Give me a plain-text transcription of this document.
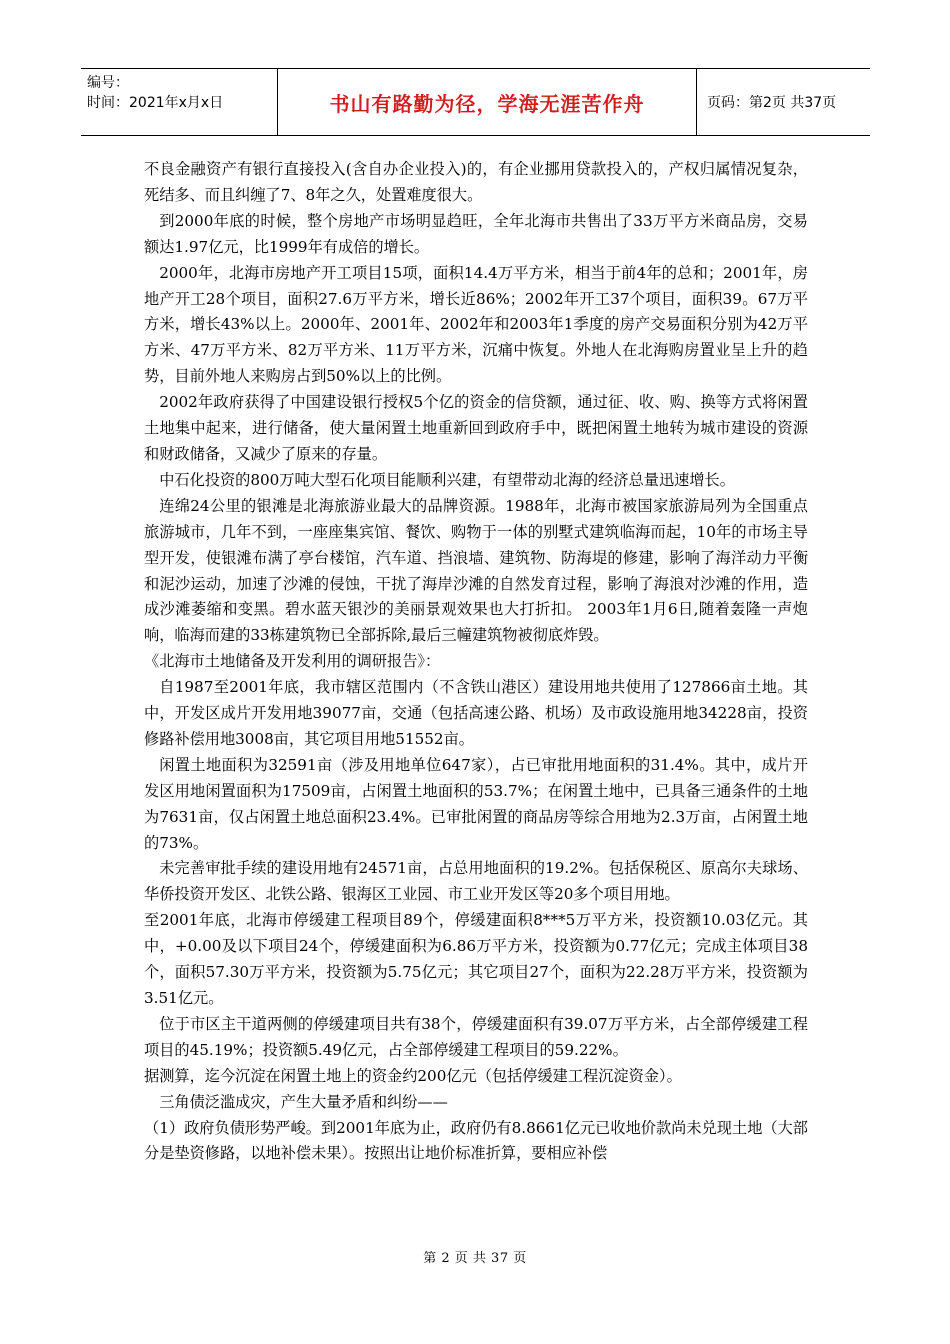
编号：
时间：2021年x月x日	书山有路勤为径，学海无涯苦作舟	页码：第2页 共37页

不良金融资产有银行直接投入(含自办企业投入)的，有企业挪用贷款投入的，产权归属情况复杂，死结多、而且纠缠了7、8年之久，处置难度很大。

到2000年底的时候，整个房地产市场明显趋旺，全年北海市共售出了33万平方米商品房，交易额达1.97亿元，比1999年有成倍的增长。

2000年，北海市房地产开工项目15项，面积14.4万平方米，相当于前4年的总和；2001年，房地产开工28个项目，面积27.6万平方米，增长近86%；2002年开工37个项目，面积39。67万平方米，增长43%以上。2000年、2001年、2002年和2003年1季度的房产交易面积分别为42万平方米、47万平方米、82万平方米、11万平方米，沉痛中恢复。外地人在北海购房置业呈上升的趋势，目前外地人来购房占到50%以上的比例。

2002年政府获得了中国建设银行授权5个亿的资金的信贷额，通过征、收、购、换等方式将闲置土地集中起来，进行储备，使大量闲置土地重新回到政府手中，既把闲置土地转为城市建设的资源和财政储备，又减少了原来的存量。

中石化投资的800万吨大型石化项目能顺利兴建，有望带动北海的经济总量迅速增长。

连绵24公里的银滩是北海旅游业最大的品牌资源。1988年，北海市被国家旅游局列为全国重点旅游城市，几年不到，一座座集宾馆、餐饮、购物于一体的别墅式建筑临海而起，10年的市场主导型开发，使银滩布满了亭台楼馆，汽车道、挡浪墙、建筑物、防海堤的修建，影响了海洋动力平衡和泥沙运动，加速了沙滩的侵蚀，干扰了海岸沙滩的自然发育过程，影响了海浪对沙滩的作用，造成沙滩萎缩和变黑。碧水蓝天银沙的美丽景观效果也大打折扣。 2003年1月6日,随着轰隆一声炮响，临海而建的33栋建筑物已全部拆除,最后三幢建筑物被彻底炸毁。

《北海市土地储备及开发利用的调研报告》：

自1987至2001年底，我市辖区范围内（不含铁山港区）建设用地共使用了127866亩土地。其中，开发区成片开发用地39077亩，交通（包括高速公路、机场）及市政设施用地34228亩，投资修路补偿用地3008亩，其它项目用地51552亩。

闲置土地面积为32591亩（涉及用地单位647家），占已审批用地面积的31.4%。其中，成片开发区用地闲置面积为17509亩，占闲置土地面积的53.7%；在闲置土地中，已具备三通条件的土地为7631亩，仅占闲置土地总面积23.4%。已审批闲置的商品房等综合用地为2.3万亩，占闲置土地的73%。

未完善审批手续的建设用地有24571亩，占总用地面积的19.2%。包括保税区、原高尔夫球场、华侨投资开发区、北铁公路、银海区工业园、市工业开发区等20多个项目用地。

至2001年底，北海市停缓建工程项目89个，停缓建面积8***5万平方米，投资额10.03亿元。其中，+0.00及以下项目24个，停缓建面积为6.86万平方米，投资额为0.77亿元；完成主体项目38个，面积57.30万平方米，投资额为5.75亿元；其它项目27个，面积为22.28万平方米，投资额为3.51亿元。

位于市区主干道两侧的停缓建项目共有38个，停缓建面积有39.07万平方米，占全部停缓建工程项目的45.19%；投资额5.49亿元，占全部停缓建工程项目的59.22%。

据测算，迄今沉淀在闲置土地上的资金约200亿元（包括停缓建工程沉淀资金）。

三角债泛滥成灾，产生大量矛盾和纠纷——

（1）政府负债形势严峻。到2001年底为止，政府仍有8.8661亿元已收地价款尚未兑现土地（大部分是垫资修路，以地补偿未果）。按照出让地价标准折算，要相应补偿

第 2 页 共 37 页
